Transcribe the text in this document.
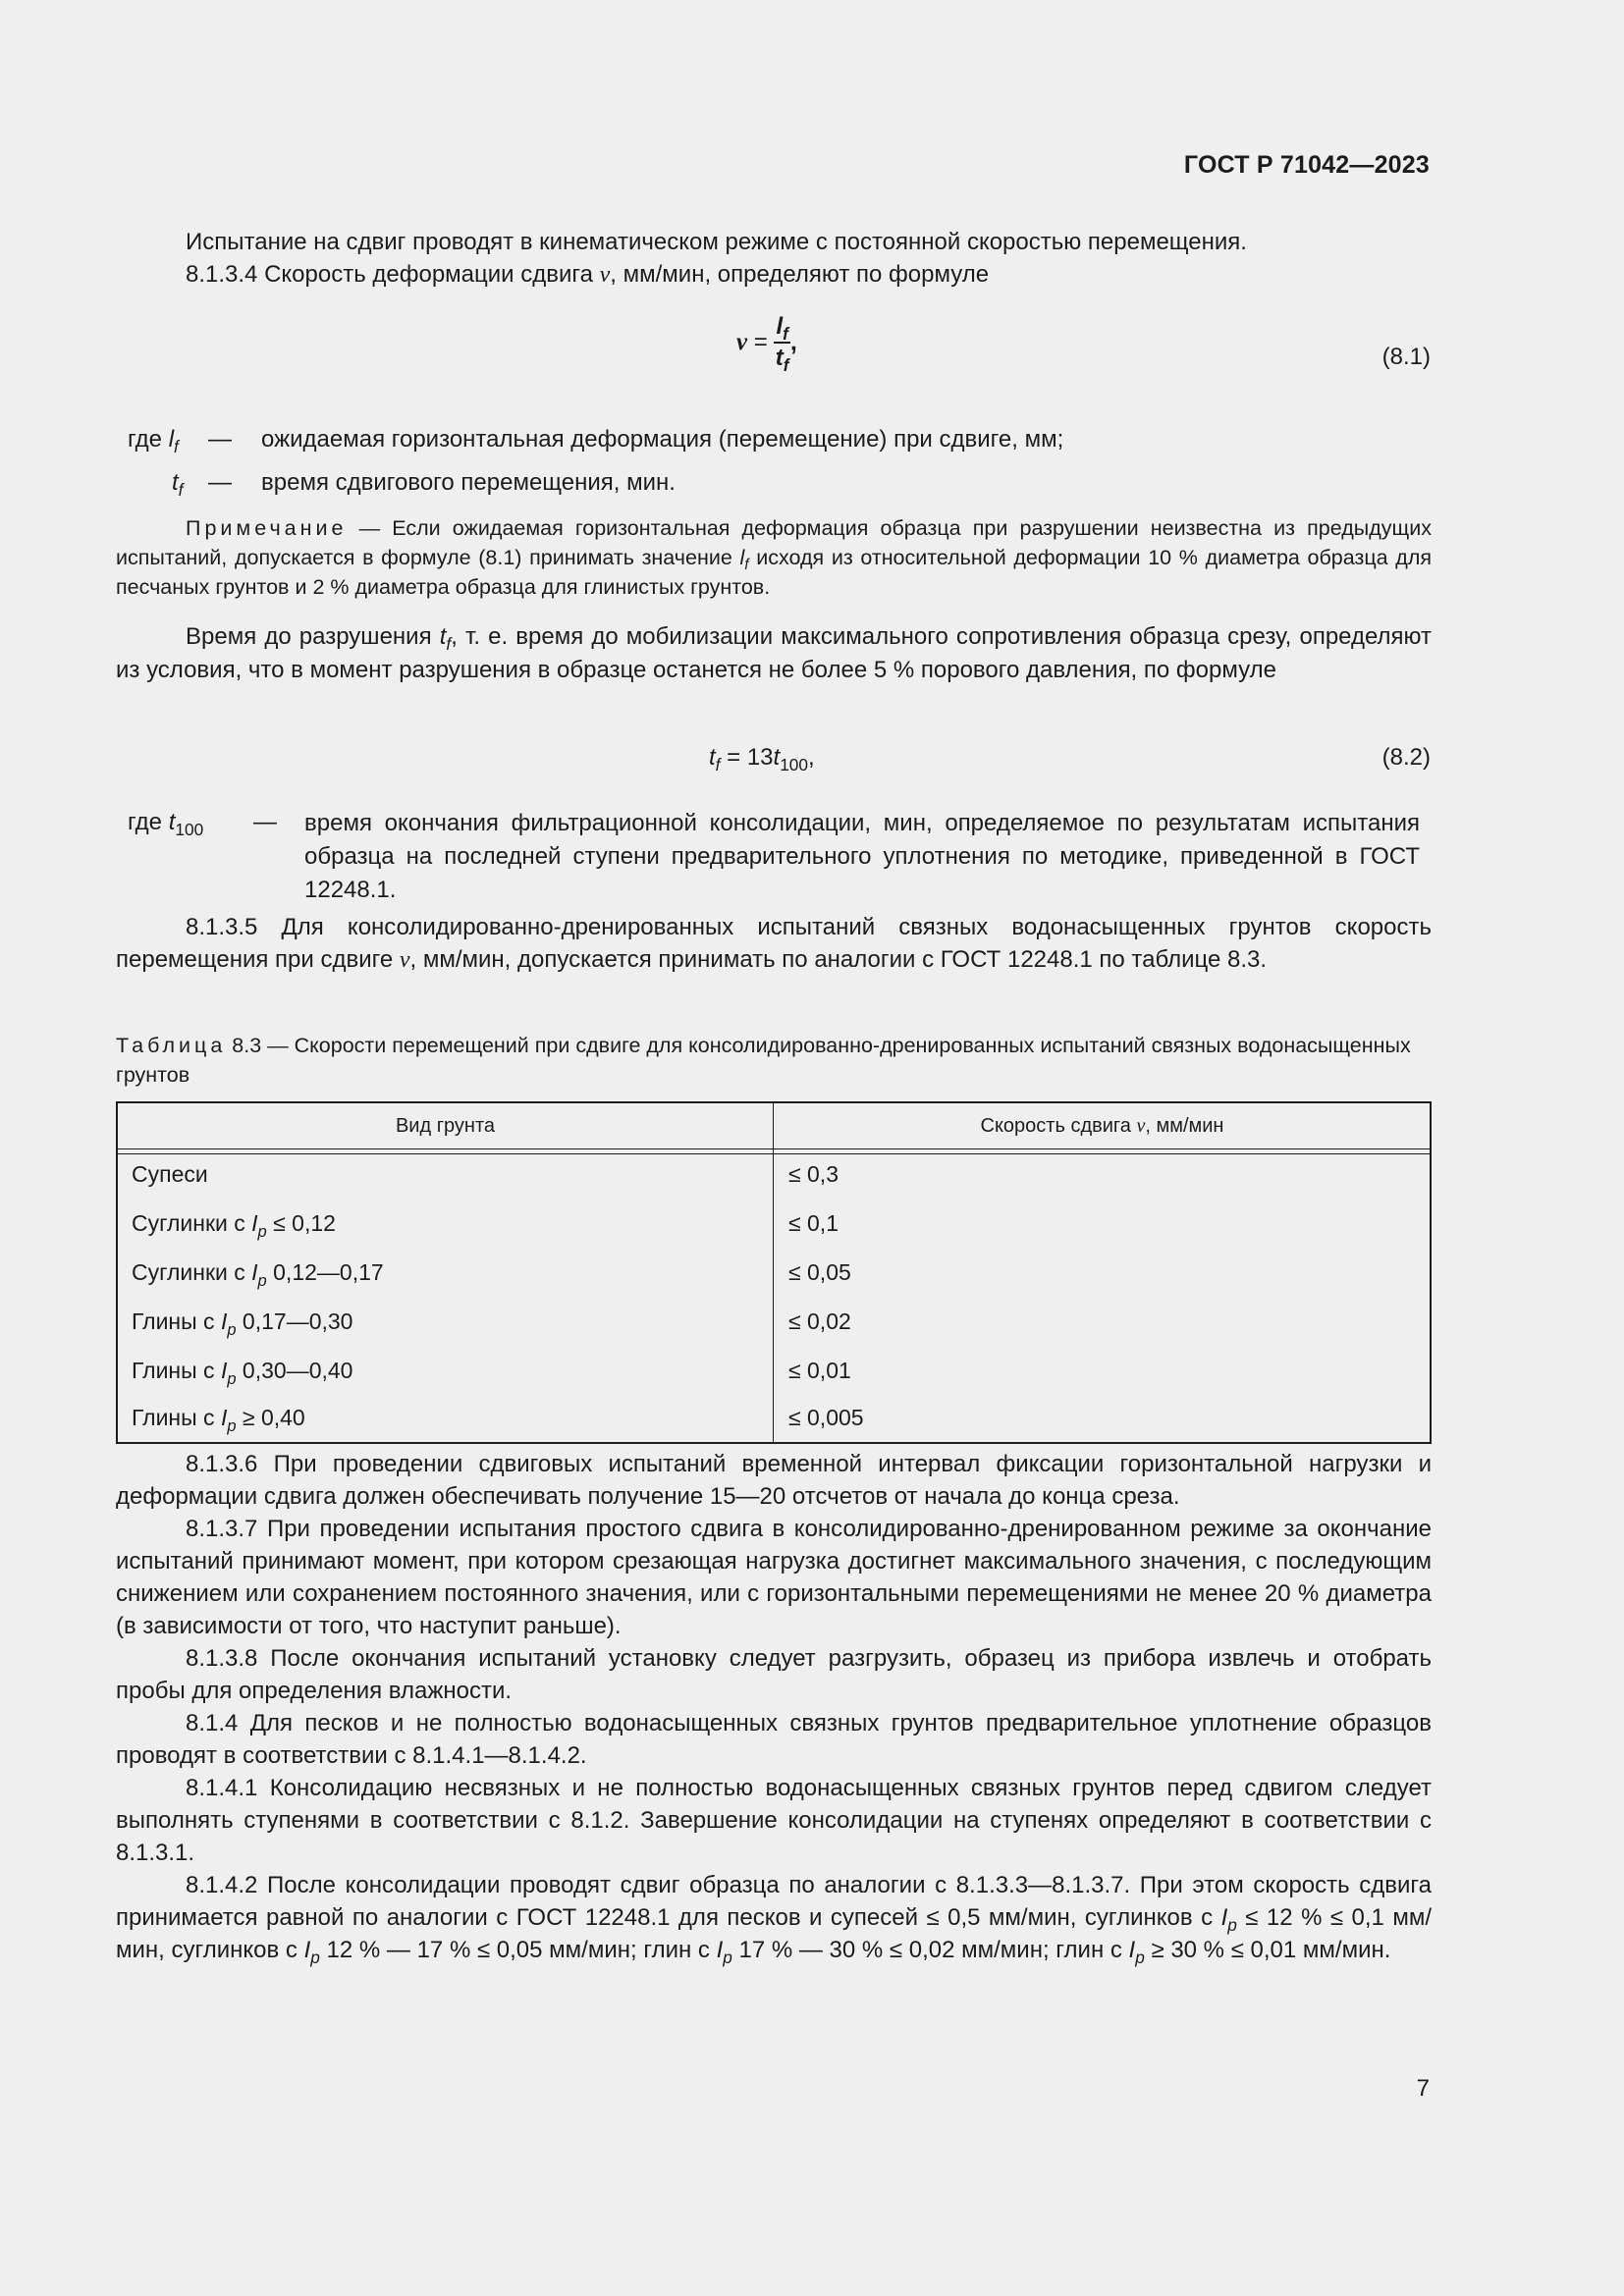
ГОСТ Р 71042—2023
Испытание на сдвиг проводят в кинематическом режиме с постоянной скоростью перемещения.
8.1.3.4 Скорость деформации сдвига v, мм/мин, определяют по формуле
$v = \frac{l_f}{t_f}$ ,
(8.1)
где $l_f$ — ожидаемая горизонтальная деформация (перемещение) при сдвиге, мм;
$t_f$ — время сдвигового перемещения, мин.
Примечание — Если ожидаемая горизонтальная деформация образца при разрушении неизвестна из предыдущих испытаний, допускается в формуле (8.1) принимать значение $l_f$ исходя из относительной деформации 10 % диаметра образца для песчаных грунтов и 2 % диаметра образца для глинистых грунтов.
Время до разрушения $t_f$, т. е. время до мобилизации максимального сопротивления образца срезу, определяют из условия, что в момент разрушения в образце останется не более 5 % порового давления, по формуле
$t_f = 13t_{100}$,	(8.2)
где $t_{100}$ — время окончания фильтрационной консолидации, мин, определяемое по результатам испытания образца на последней ступени предварительного уплотнения по методике, приведенной в ГОСТ 12248.1.
8.1.3.5 Для консолидированно-дренированных испытаний связных водонасыщенных грунтов скорость перемещения при сдвиге v, мм/мин, допускается принимать по аналогии с ГОСТ 12248.1 по таблице 8.3.
Таблица 8.3 — Скорости перемещений при сдвиге для консолидированно-дренированных испытаний связных водонасыщенных грунтов
Вид грунта	Скорость сдвига v, мм/мин
Супеси	≤ 0,3
Суглинки с $I_p \le 0,12$	≤ 0,1
Суглинки с $I_p$ 0,12—0,17	≤ 0,05
Глины с $I_p$ 0,17—0,30	≤ 0,02
Глины с $I_p$ 0,30—0,40	≤ 0,01
Глины с $I_p \ge 0,40$	≤ 0,005
8.1.3.6 При проведении сдвиговых испытаний временной интервал фиксации горизонтальной нагрузки и деформации сдвига должен обеспечивать получение 15—20 отсчетов от начала до конца среза.
8.1.3.7 При проведении испытания простого сдвига в консолидированно-дренированном режиме за окончание испытаний принимают момент, при котором срезающая нагрузка достигнет максимального значения, с последующим снижением или сохранением постоянного значения, или с горизонтальными перемещениями не менее 20 % диаметра (в зависимости от того, что наступит раньше).
8.1.3.8 После окончания испытаний установку следует разгрузить, образец из прибора извлечь и отобрать пробы для определения влажности.
8.1.4 Для песков и не полностью водонасыщенных связных грунтов предварительное уплотнение образцов проводят в соответствии с 8.1.4.1—8.1.4.2.
8.1.4.1 Консолидацию несвязных и не полностью водонасыщенных связных грунтов перед сдвигом следует выполнять ступенями в соответствии с 8.1.2. Завершение консолидации на ступенях определяют в соответствии с 8.1.3.1.
8.1.4.2 После консолидации проводят сдвиг образца по аналогии с 8.1.3.3—8.1.3.7. При этом скорость сдвига принимается равной по аналогии с ГОСТ 12248.1 для песков и супесей ≤ 0,5 мм/мин, суглинков с $I_p \le 12$ % ≤ 0,1 мм/мин, суглинков с $I_p$ 12 % — 17 % ≤ 0,05 мм/мин; глин с $I_p$ 17 % — 30 % ≤ 0,02 мм/мин; глин с $I_p \ge 30$ % ≤ 0,01 мм/мин.
7
